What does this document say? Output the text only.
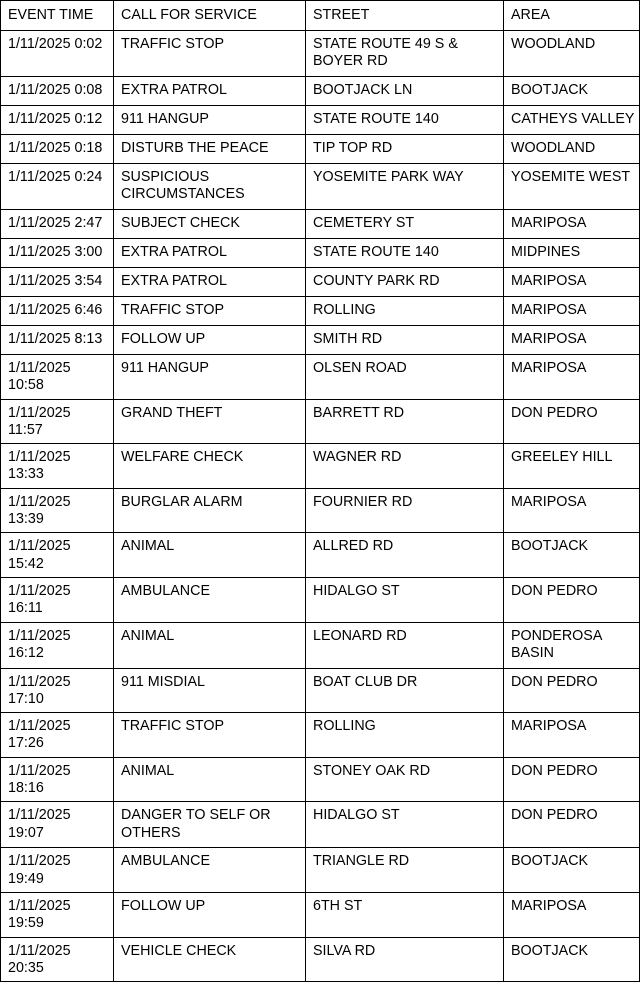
EVENT TIME	CALL FOR SERVICE	STREET	AREA
1/11/2025 0:02	TRAFFIC STOP	STATE ROUTE 49 S & BOYER RD	WOODLAND
1/11/2025 0:08	EXTRA PATROL	BOOTJACK LN	BOOTJACK
1/11/2025 0:12	911 HANGUP	STATE ROUTE 140	CATHEYS VALLEY
1/11/2025 0:18	DISTURB THE PEACE	TIP TOP RD	WOODLAND
1/11/2025 0:24	SUSPICIOUS CIRCUMSTANCES	YOSEMITE PARK WAY	YOSEMITE WEST
1/11/2025 2:47	SUBJECT CHECK	CEMETERY ST	MARIPOSA
1/11/2025 3:00	EXTRA PATROL	STATE ROUTE 140	MIDPINES
1/11/2025 3:54	EXTRA PATROL	COUNTY PARK RD	MARIPOSA
1/11/2025 6:46	TRAFFIC STOP	ROLLING	MARIPOSA
1/11/2025 8:13	FOLLOW UP	SMITH RD	MARIPOSA
1/11/2025 10:58	911 HANGUP	OLSEN ROAD	MARIPOSA
1/11/2025 11:57	GRAND THEFT	BARRETT RD	DON PEDRO
1/11/2025 13:33	WELFARE CHECK	WAGNER RD	GREELEY HILL
1/11/2025 13:39	BURGLAR ALARM	FOURNIER RD	MARIPOSA
1/11/2025 15:42	ANIMAL	ALLRED RD	BOOTJACK
1/11/2025 16:11	AMBULANCE	HIDALGO ST	DON PEDRO
1/11/2025 16:12	ANIMAL	LEONARD RD	PONDEROSA BASIN
1/11/2025 17:10	911 MISDIAL	BOAT CLUB DR	DON PEDRO
1/11/2025 17:26	TRAFFIC STOP	ROLLING	MARIPOSA
1/11/2025 18:16	ANIMAL	STONEY OAK RD	DON PEDRO
1/11/2025 19:07	DANGER TO SELF OR OTHERS	HIDALGO ST	DON PEDRO
1/11/2025 19:49	AMBULANCE	TRIANGLE RD	BOOTJACK
1/11/2025 19:59	FOLLOW UP	6TH ST	MARIPOSA
1/11/2025 20:35	VEHICLE CHECK	SILVA RD	BOOTJACK
